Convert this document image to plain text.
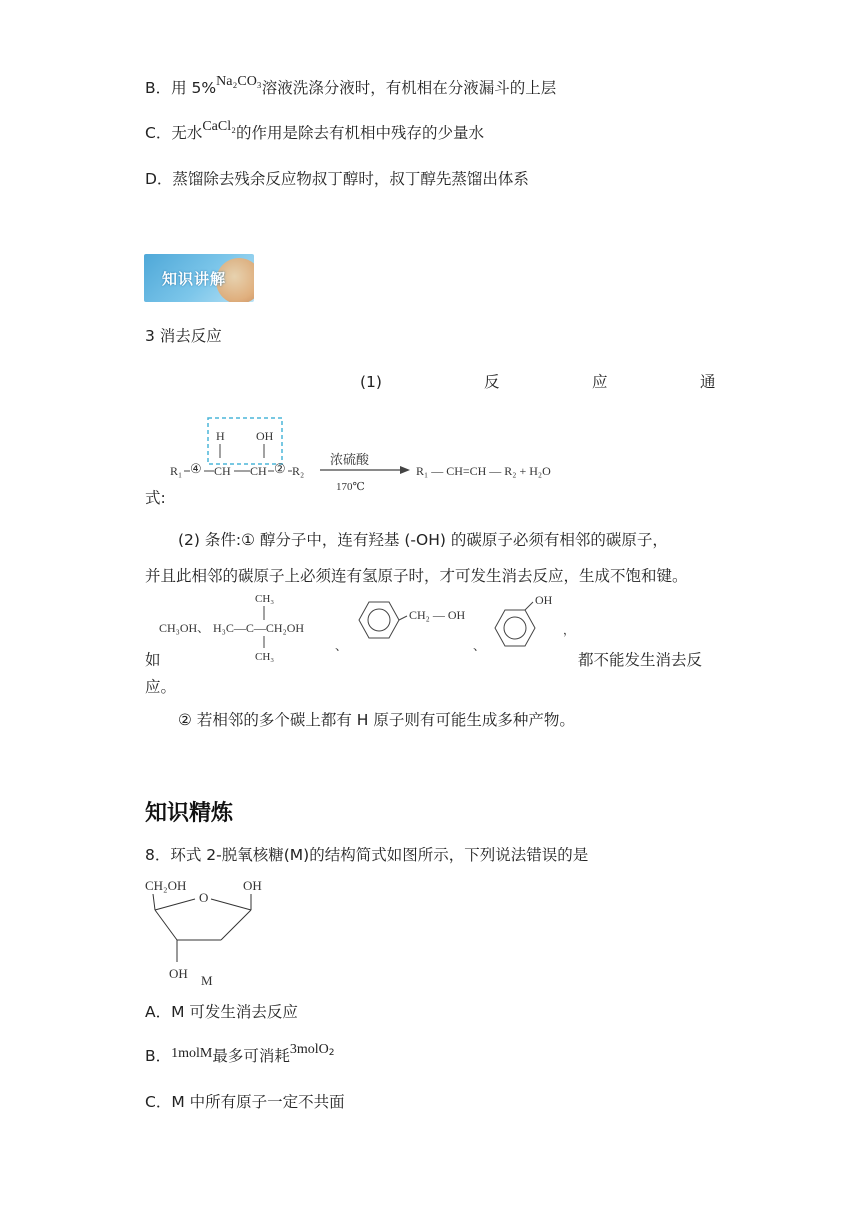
B．用 5%Na₂CO₃溶液洗涤分液时，有机相在分液漏斗的上层
C．无水CaCl₂的作用是除去有机相中残存的少量水
D．蒸馏除去残余反应物叔丁醇时，叔丁醇先蒸馏出体系
知识讲解
3 消去反应
(1)	反	应	通
H	OH
R₁ ④ CH CH ② R₂
浓硫酸
170℃
R₁ — CH=CH — R₂ + H₂O
式:
(2) 条件:① 醇分子中，连有羟基 (-OH) 的碳原子必须有相邻的碳原子，
并且此相邻的碳原子上必须连有氢原子时，才可发生消去反应，生成不饱和键。
CH₃OH、
CH₃
H₃C—C—CH₂OH
CH₃
、
CH₂ — OH
、
OH
，
如	都不能发生消去反
应。
② 若相邻的多个碳上都有 H 原子则有可能生成多种产物。
知识精炼
8．环式 2-脱氧核糖(M)的结构简式如图所示，下列说法错误的是
CH₂OH
O
OH
OH M
A．M 可发生消去反应
B．1molM最多可消耗3molO$^2$
C．M 中所有原子一定不共面
